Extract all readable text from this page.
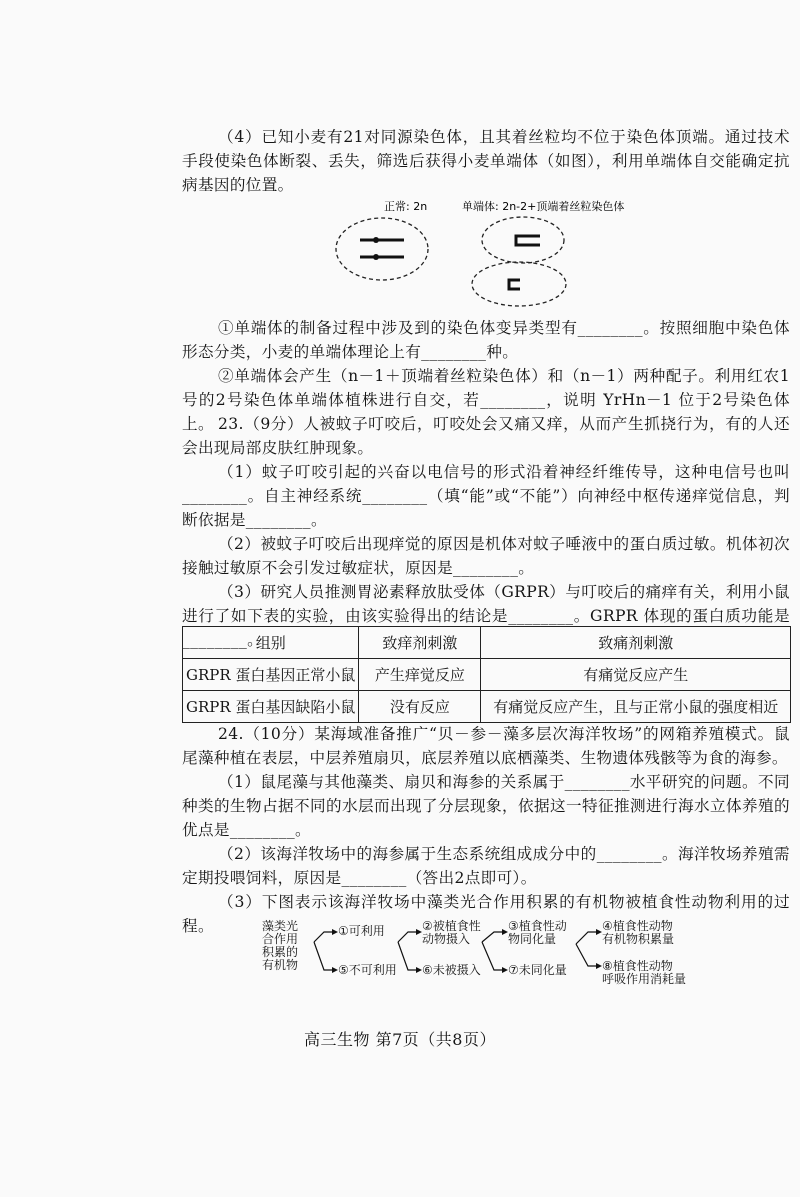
（4）已知小麦有21对同源染色体，且其着丝粒均不位于染色体顶端。通过技术手段使染色体断裂、丢失，筛选后获得小麦单端体（如图），利用单端体自交能确定抗病基因的位置。

正常: 2n	单端体: 2n-2+顶端着丝粒染色体

①单端体的制备过程中涉及到的染色体变异类型有________。按照细胞中染色体形态分类，小麦的单端体理论上有________种。

②单端体会产生（n－1＋顶端着丝粒染色体）和（n－1）两种配子。利用红农1号的2号染色体单端体植株进行自交，若________，说明 YrHn－1 位于2号染色体上。 23.（9分）人被蚊子叮咬后，叮咬处会又痛又痒，从而产生抓挠行为，有的人还会出现局部皮肤红肿现象。

（1）蚊子叮咬引起的兴奋以电信号的形式沿着神经纤维传导，这种电信号也叫________。自主神经系统________（填“能”或“不能”）向神经中枢传递痒觉信息，判断依据是________。

（2）被蚊子叮咬后出现痒觉的原因是机体对蚊子唾液中的蛋白质过敏。机体初次接触过敏原不会引发过敏症状，原因是________。

（3）研究人员推测胃泌素释放肽受体（GRPR）与叮咬后的痛痒有关，利用小鼠进行了如下表的实验，由该实验得出的结论是________。GRPR 体现的蛋白质功能是________。

组别	致痒剂刺激	致痛剂刺激
GRPR 蛋白基因正常小鼠	产生痒觉反应	有痛觉反应产生
GRPR 蛋白基因缺陷小鼠	没有反应	有痛觉反应产生，且与正常小鼠的强度相近

24.（10分）某海域准备推广“贝－参－藻多层次海洋牧场”的网箱养殖模式。鼠尾藻种植在表层，中层养殖扇贝，底层养殖以底栖藻类、生物遗体残骸等为食的海参。

（1）鼠尾藻与其他藻类、扇贝和海参的关系属于________水平研究的问题。不同种类的生物占据不同的水层而出现了分层现象，依据这一特征推测进行海水立体养殖的优点是________。

（2）该海洋牧场中的海参属于生态系统组成成分中的________。海洋牧场养殖需定期投喂饲料，原因是________（答出2点即可）。

（3）下图表示该海洋牧场中藻类光合作用积累的有机物被植食性动物利用的过程。	藻类光
合作用
积累的
有机物
①可利用
⑤不可利用
②被植食性
动物摄入
⑥未被摄入
③植食性动
物同化量
⑦未同化量
④植食性动物
有机物积累量
⑧植食性动物
呼吸作用消耗量
高三生物 第7页（共8页）
